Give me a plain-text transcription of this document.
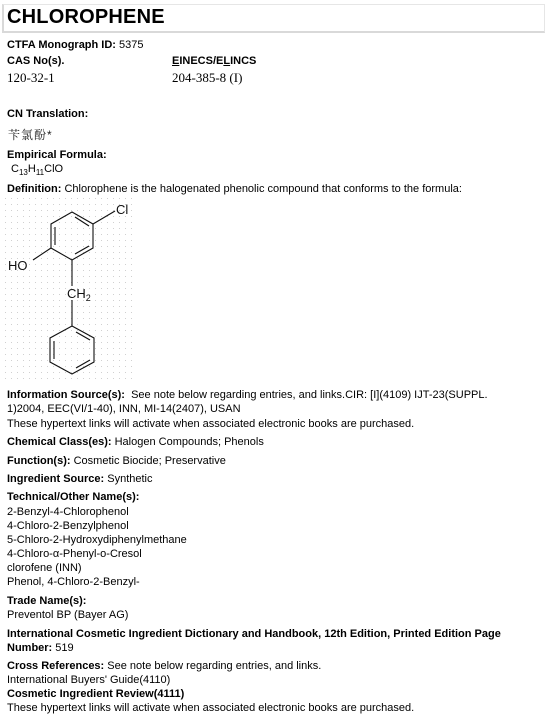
CHLOROPHENE
CTFA Monograph ID: 5375
CAS No(s).	EINECS/ELINCS
120-32-1	204-385-8 (I)
CN Translation:
苄氯酚*
Empirical Formula:
$C_{13}H_{11}ClO$
Definition: Chlorophene is the halogenated phenolic compound that conforms to the formula:
Cl
HO
$CH_2$
Information Source(s): See note below regarding entries, and links.CIR: [I](4109) IJT-23(SUPPL.
1)2004, EEC(VI/1-40), INN, MI-14(2407), USAN
These hypertext links will activate when associated electronic books are purchased.
Chemical Class(es): Halogen Compounds; Phenols
Function(s): Cosmetic Biocide; Preservative
Ingredient Source: Synthetic
Technical/Other Name(s):
2-Benzyl-4-Chlorophenol
4-Chloro-2-Benzylphenol
5-Chloro-2-Hydroxydiphenylmethane
4-Chloro-α-Phenyl-o-Cresol
clorofene (INN)
Phenol, 4-Chloro-2-Benzyl-
Trade Name(s):
Preventol BP (Bayer AG)
International Cosmetic Ingredient Dictionary and Handbook, 12th Edition, Printed Edition Page
Number: 519
Cross References: See note below regarding entries, and links.
International Buyers' Guide(4110)
Cosmetic Ingredient Review(4111)
These hypertext links will activate when associated electronic books are purchased.
